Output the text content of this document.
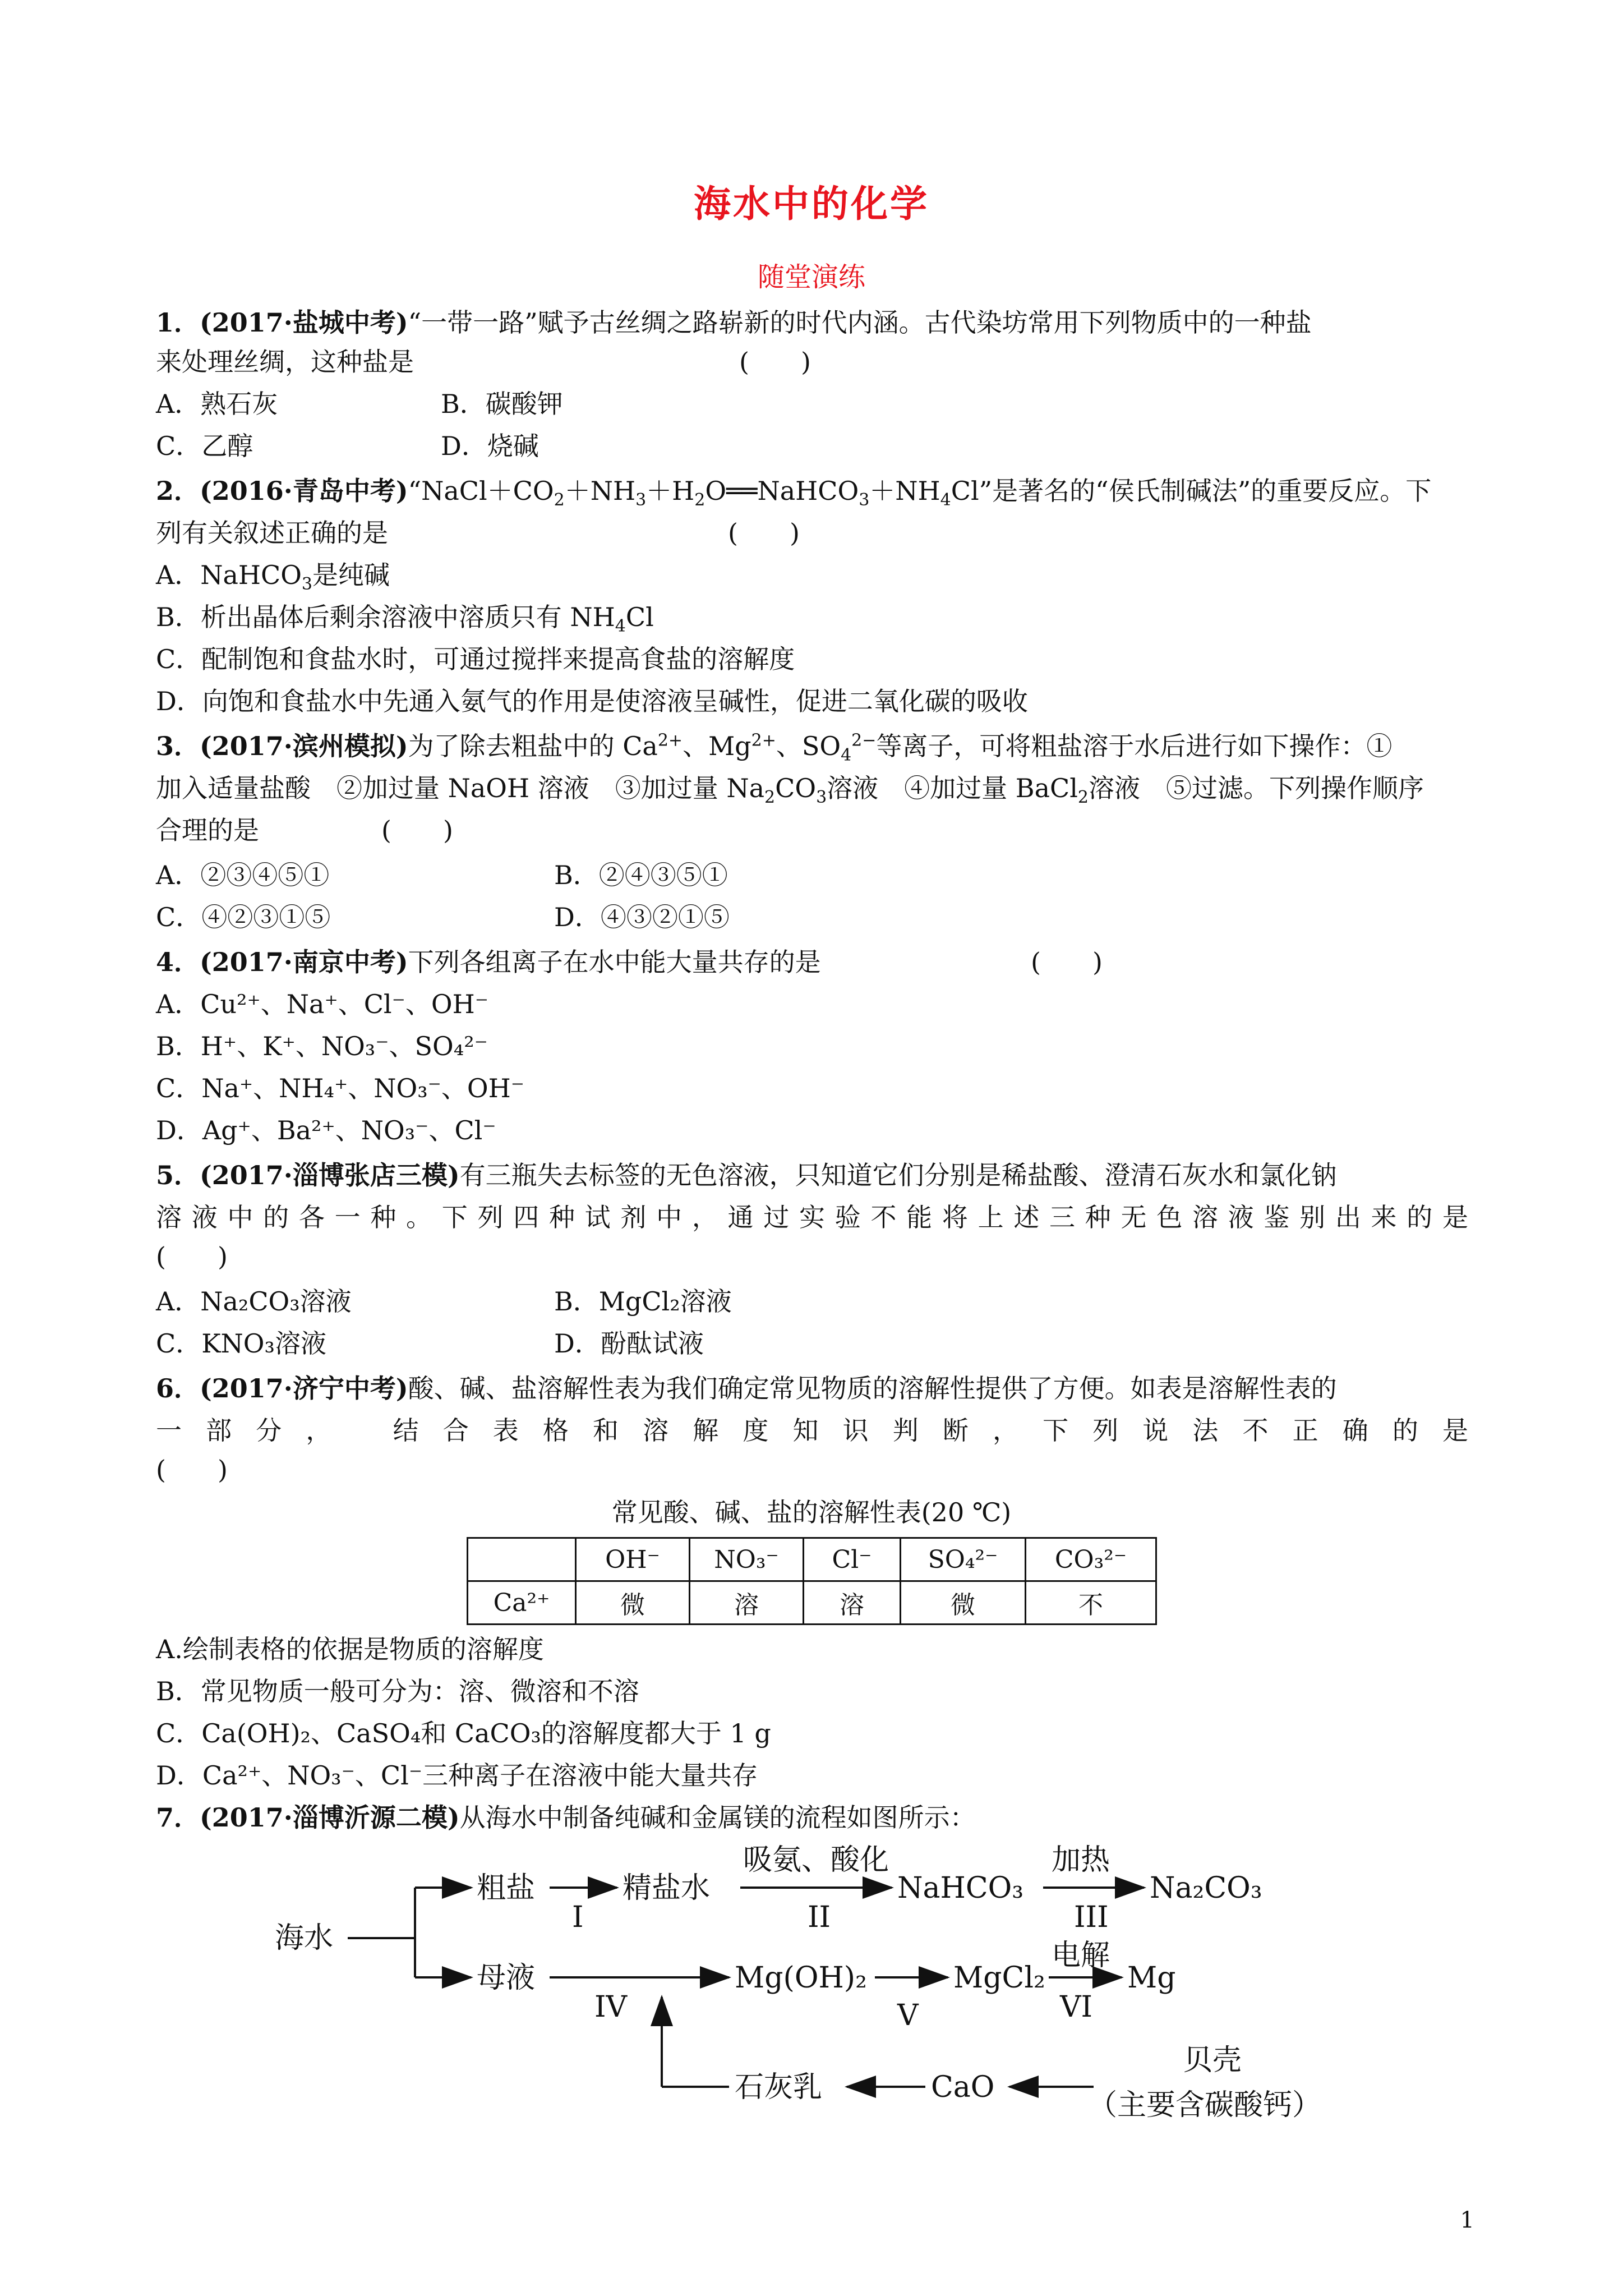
海水中的化学
随堂演练
1．(2017·盐城中考)“一带一路”赋予古丝绸之路崭新的时代内涵。古代染坊常用下列物质中的一种盐
来处理丝绸，这种盐是	(　　)
A．熟石灰	B．碳酸钾
C．乙醇	D．烧碱
2．(2016·青岛中考)“$NaCl+CO_2+NH_3+H_2O══NaHCO_3+NH_4Cl$”是著名的“侯氏制碱法”的重要反应。下
列有关叙述正确的是	(　　)
A．NaHCO$_3$是纯碱
B．析出晶体后剩余溶液中溶质只有 $NH_4Cl$
C．配制饱和食盐水时，可通过搅拌来提高食盐的溶解度
D．向饱和食盐水中先通入氨气的作用是使溶液呈碱性，促进二氧化碳的吸收
3．(2017·滨州模拟)为了除去粗盐中的 $Ca^{2+}$、$Mg^{2+}$、$SO_4^{2-}$等离子，可将粗盐溶于水后进行如下操作：①
加入适量盐酸　②加过量 NaOH 溶液　③加过量 $Na_2CO_3$溶液　④加过量 BaCl$_2$溶液　⑤过滤。下列操作顺序
合理的是	(　　)
A．②③④⑤①	B．②④③⑤①
C．④②③①⑤	D．④③②①⑤
4．(2017·南京中考)下列各组离子在水中能大量共存的是	(　　)
A．Cu²⁺、Na⁺、Cl⁻、OH⁻
B．H⁺、K⁺、NO₃⁻、SO₄²⁻
C．Na⁺、NH₄⁺、NO₃⁻、OH⁻
D．Ag⁺、Ba²⁺、NO₃⁻、Cl⁻
5．(2017·淄博张店三模)有三瓶失去标签的无色溶液，只知道它们分别是稀盐酸、澄清石灰水和氯化钠
溶液中的各一种。下列四种试剂中，通过实验不能将上述三种无色溶液鉴别出来的是
(　　)
A．Na₂CO₃溶液	B．MgCl₂溶液
C．KNO₃溶液	D．酚酞试液
6．(2017·济宁中考)酸、碱、盐溶解性表为我们确定常见物质的溶解性提供了方便。如表是溶解性表的
一部分，　结合表格和溶解度知识判断，下列说法不正确的是
(　　)
常见酸、碱、盐的溶解性表(20 ℃)
	OH⁻	NO₃⁻	Cl⁻	SO₄²⁻	CO₃²⁻
Ca²⁺	微	溶	溶	微	不
A.绘制表格的依据是物质的溶解度
B．常见物质一般可分为：溶、微溶和不溶
C．Ca(OH)₂、CaSO₄和 CaCO₃的溶解度都大于 1 g
D．Ca²⁺、NO₃⁻、Cl⁻三种离子在溶液中能大量共存
7．(2017·淄博沂源二模)从海水中制备纯碱和金属镁的流程如图所示：
海水
粗盐
I
精盐水
吸氨、酸化
II
NaHCO₃
加热
III
Na₂CO₃
母液
IV
Mg(OH)₂
V
MgCl₂
电解
VI
Mg
石灰乳	CaO
贝壳
（主要含碳酸钙）
1
